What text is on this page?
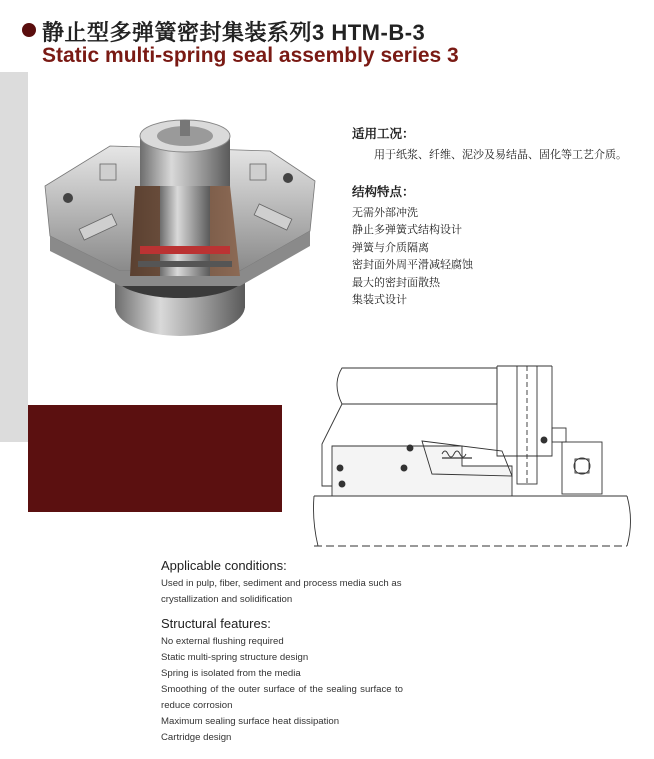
静止型多弹簧密封集装系列3 HTM-B-3
Static multi-spring seal assembly series 3
适用工况：
用于纸浆、纤维、泥沙及易结晶、固化等工艺介质。
结构特点：
无需外部冲洗
静止多弹簧式结构设计
弹簧与介质隔离
密封面外周平滑减轻腐蚀
最大的密封面散热
集装式设计
Applicable conditions:
Used in pulp, fiber, sediment and process media such as
crystallization and solidification
Structural features:
No external flushing required
Static multi-spring structure design
Spring is isolated from the media
Smoothing of the outer surface of the sealing surface to
reduce corrosion
Maximum sealing surface heat dissipation
Cartridge design
